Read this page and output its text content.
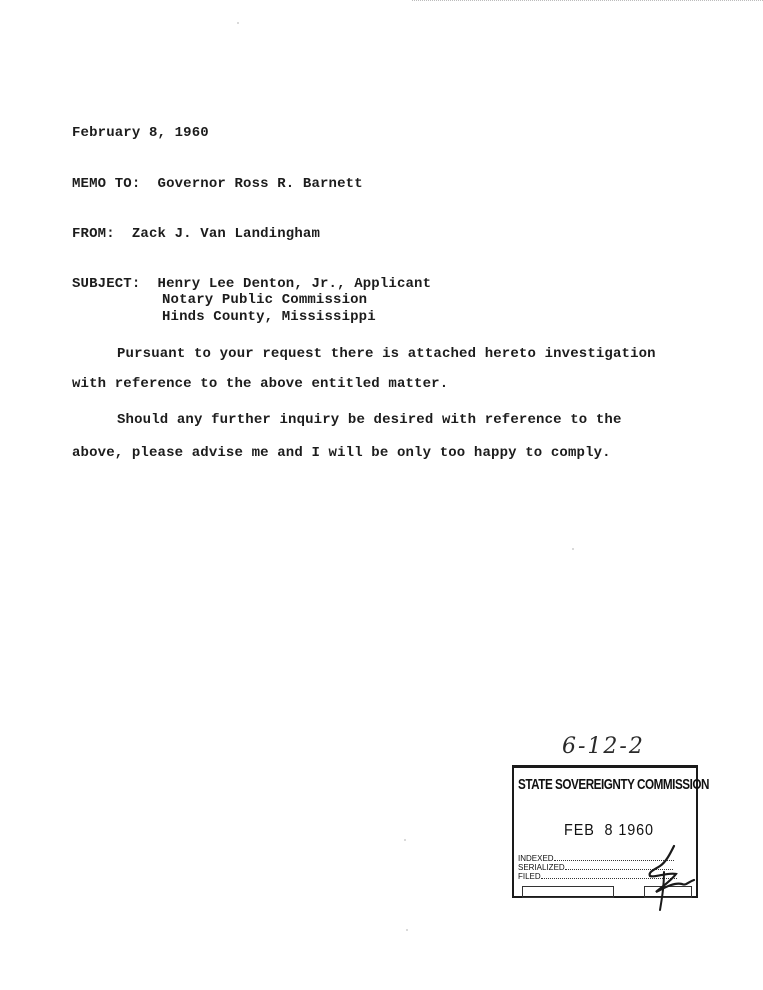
February 8, 1960
MEMO TO:  Governor Ross R. Barnett
FROM:  Zack J. Van Landingham
SUBJECT:  Henry Lee Denton, Jr., Applicant
Notary Public Commission
Hinds County, Mississippi
Pursuant to your request there is attached hereto investigation
with reference to the above entitled matter.
Should any further inquiry be desired with reference to the
above, please advise me and I will be only too happy to comply.
6-12-2
STATE SOVEREIGNTY COMMISSION
FEB  8 1960
INDEXED
SERIALIZED
FILED
